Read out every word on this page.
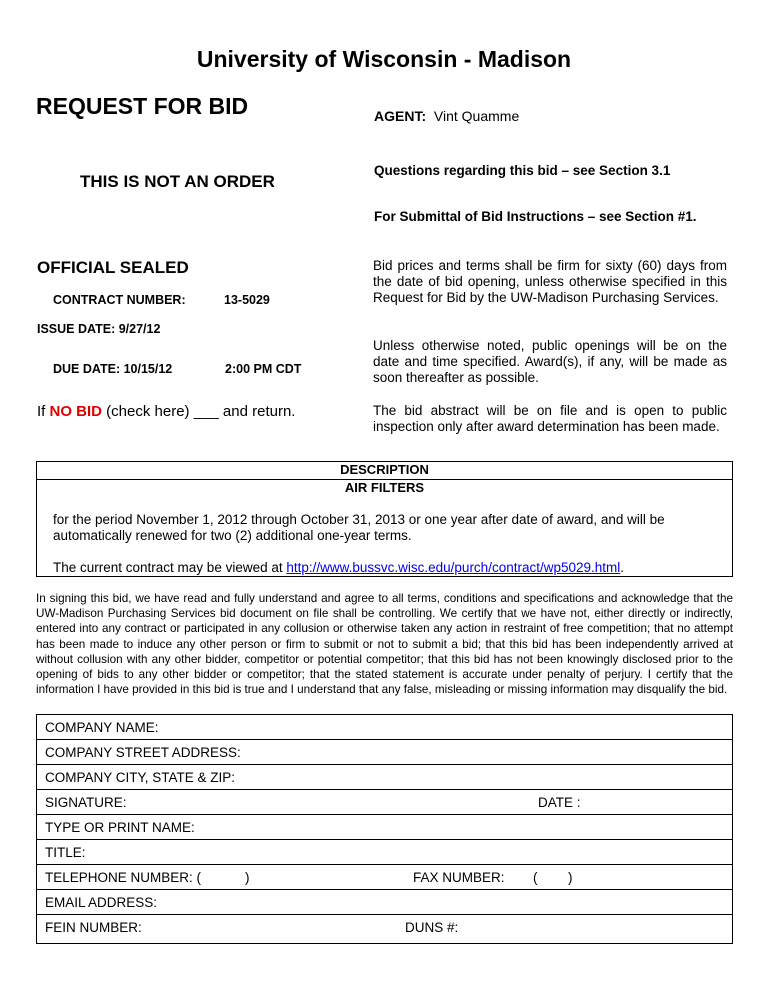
University of Wisconsin - Madison
REQUEST FOR BID	AGENT: Vint Quamme
THIS IS NOT AN ORDER
Questions regarding this bid – see Section 3.1
For Submittal of Bid Instructions – see Section #1.
OFFICIAL SEALED
CONTRACT NUMBER:	13-5029
ISSUE DATE: 9/27/12
DUE DATE: 10/15/12	2:00 PM CDT
If NO BID (check here) ___ and return.
Bid prices and terms shall be firm for sixty (60) days from the date of bid opening, unless otherwise specified in this Request for Bid by the UW-Madison Purchasing Services.
Unless otherwise noted, public openings will be on the date and time specified. Award(s), if any, will be made as soon thereafter as possible.
The bid abstract will be on file and is open to public inspection only after award determination has been made.
DESCRIPTION
AIR FILTERS
for the period November 1, 2012 through October 31, 2013 or one year after date of award, and will be automatically renewed for two (2) additional one-year terms.
The current contract may be viewed at http://www.bussvc.wisc.edu/purch/contract/wp5029.html.
In signing this bid, we have read and fully understand and agree to all terms, conditions and specifications and acknowledge that the UW-Madison Purchasing Services bid document on file shall be controlling. We certify that we have not, either directly or indirectly, entered into any contract or participated in any collusion or otherwise taken any action in restraint of free competition; that no attempt has been made to induce any other person or firm to submit or not to submit a bid; that this bid has been independently arrived at without collusion with any other bidder, competitor or potential competitor; that this bid has not been knowingly disclosed prior to the opening of bids to any other bidder or competitor; that the stated statement is accurate under penalty of perjury. I certify that the information I have provided in this bid is true and I understand that any false, misleading or missing information may disqualify the bid.
COMPANY NAME:
COMPANY STREET ADDRESS:
COMPANY CITY, STATE & ZIP:
SIGNATURE:	DATE :
TYPE OR PRINT NAME:
TITLE:
TELEPHONE NUMBER: (	)	FAX NUMBER: ( )
EMAIL ADDRESS:
FEIN NUMBER:	DUNS #:
